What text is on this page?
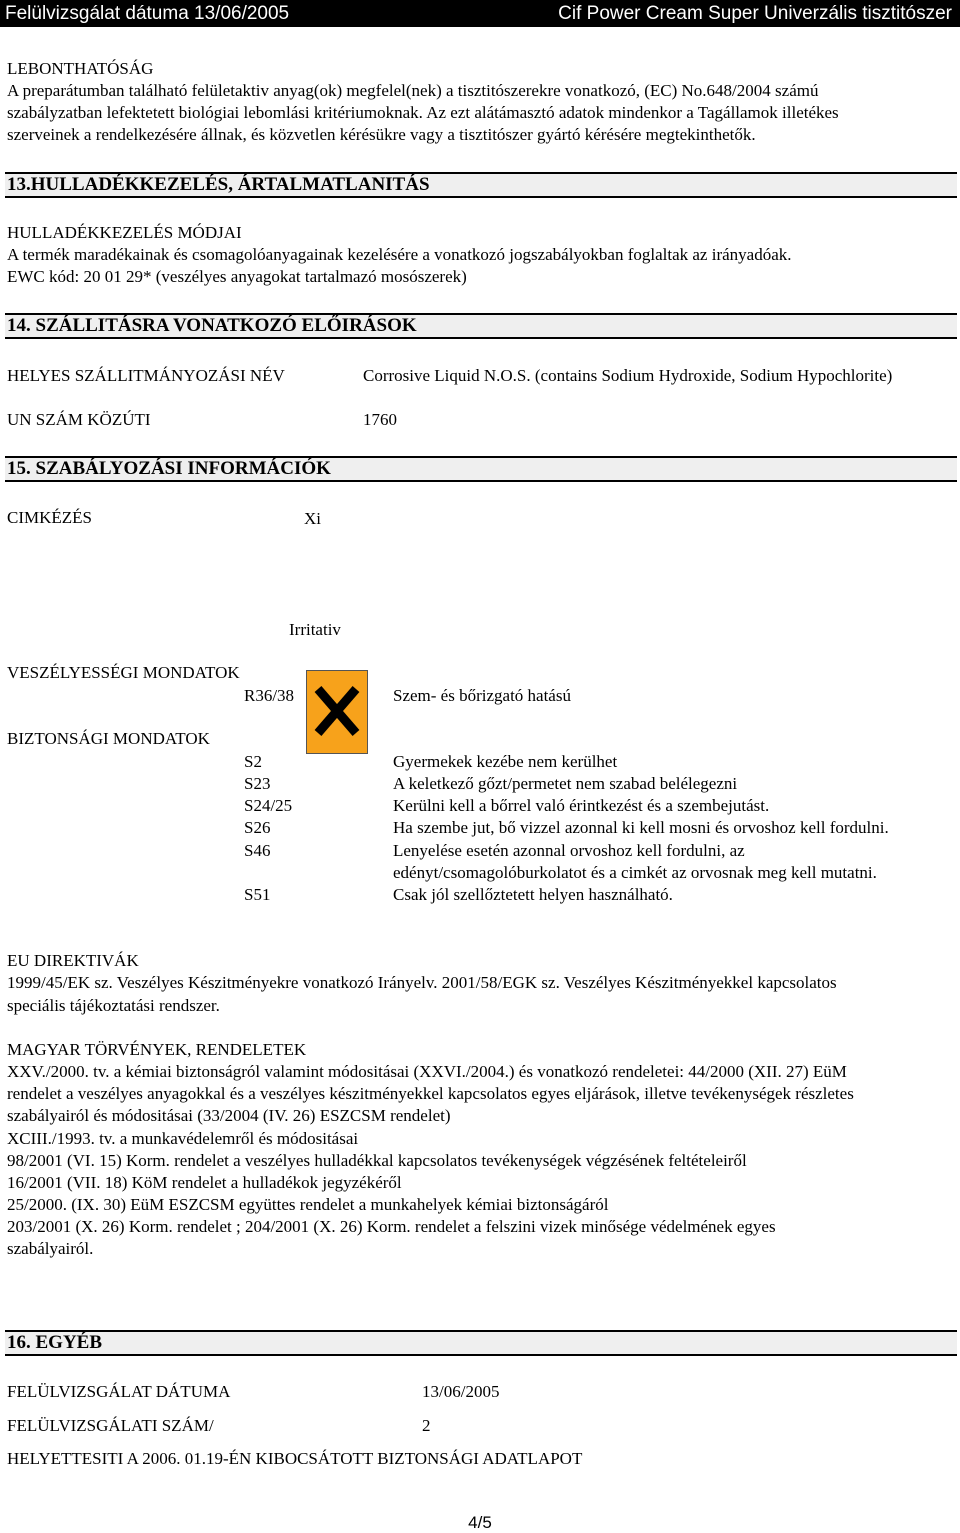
Felülvizsgálat dátuma 13/06/2005	Cif Power Cream Super Univerzális tisztitószer
LEBONTHATÓSÁG
A preparátumban található felületaktiv anyag(ok) megfelel(nek) a tisztitószerekre vonatkozó, (EC) No.648/2004 számú
szabályzatban lefektetett biológiai lebomlási kritériumoknak. Az ezt alátámasztó adatok mindenkor a Tagállamok illetékes
szerveinek a rendelkezésére állnak, és közvetlen kérésükre vagy a tisztitószer gyártó kérésére megtekinthetők.
13.HULLADÉKKEZELÉS, ÁRTALMATLANITÁS
HULLADÉKKEZELÉS MÓDJAI
A termék maradékainak és csomagolóanyagainak kezelésére a vonatkozó jogszabályokban foglaltak az irányadóak.
EWC kód: 20 01 29* (veszélyes anyagokat tartalmazó mosószerek)
14. SZÁLLITÁSRA VONATKOZÓ ELŐIRÁSOK
HELYES SZÁLLITMÁNYOZÁSI NÉV	Corrosive Liquid N.O.S. (contains Sodium Hydroxide, Sodium Hypochlorite)
UN SZÁM KÖZÚTI	1760
15. SZABÁLYOZÁSI INFORMÁCIÓK
CIMKÉZÉS	Xi
Irritativ
VESZÉLYESSÉGI MONDATOK
R36/38	Szem- és bőrizgató hatású
BIZTONSÁGI MONDATOK
S2	Gyermekek kezébe nem kerülhet
S23	A keletkező gőzt/permetet nem szabad belélegezni
S24/25	Kerülni kell a bőrrel való érintkezést és a szembejutást.
S26	Ha szembe jut, bő vizzel azonnal ki kell mosni és orvoshoz kell fordulni.
S46	Lenyelése esetén azonnal orvoshoz kell fordulni, az
edényt/csomagolóburkolatot és a cimkét az orvosnak meg kell mutatni.
S51	Csak jól szellőztetett helyen használható.
EU DIREKTIVÁK
1999/45/EK sz. Veszélyes Készitményekre vonatkozó Irányelv. 2001/58/EGK sz. Veszélyes Készitményekkel kapcsolatos
speciális tájékoztatási rendszer.
MAGYAR TÖRVÉNYEK, RENDELETEK
XXV./2000. tv. a kémiai biztonságról valamint módositásai (XXVI./2004.) és vonatkozó rendeletei: 44/2000 (XII. 27) EüM
rendelet a veszélyes anyagokkal és a veszélyes készitményekkel kapcsolatos egyes eljárások, illetve tevékenységek részletes
szabályairól és módositásai (33/2004 (IV. 26) ESZCSM rendelet)
XCIII./1993. tv. a munkavédelemről és módositásai
98/2001 (VI. 15) Korm. rendelet a veszélyes hulladékkal kapcsolatos tevékenységek végzésének feltételeiről
16/2001 (VII. 18) KöM rendelet a hulladékok jegyzékéről
25/2000. (IX. 30) EüM ESZCSM együttes rendelet a munkahelyek kémiai biztonságáról
203/2001 (X. 26) Korm. rendelet ; 204/2001 (X. 26) Korm. rendelet a felszini vizek minősége védelmének egyes
szabályairól.
16. EGYÉB
FELÜLVIZSGÁLAT DÁTUMA	13/06/2005
FELÜLVIZSGÁLATI SZÁM/	2
HELYETTESITI A 2006. 01.19-ÉN KIBOCSÁTOTT BIZTONSÁGI ADATLAPOT
4/5
